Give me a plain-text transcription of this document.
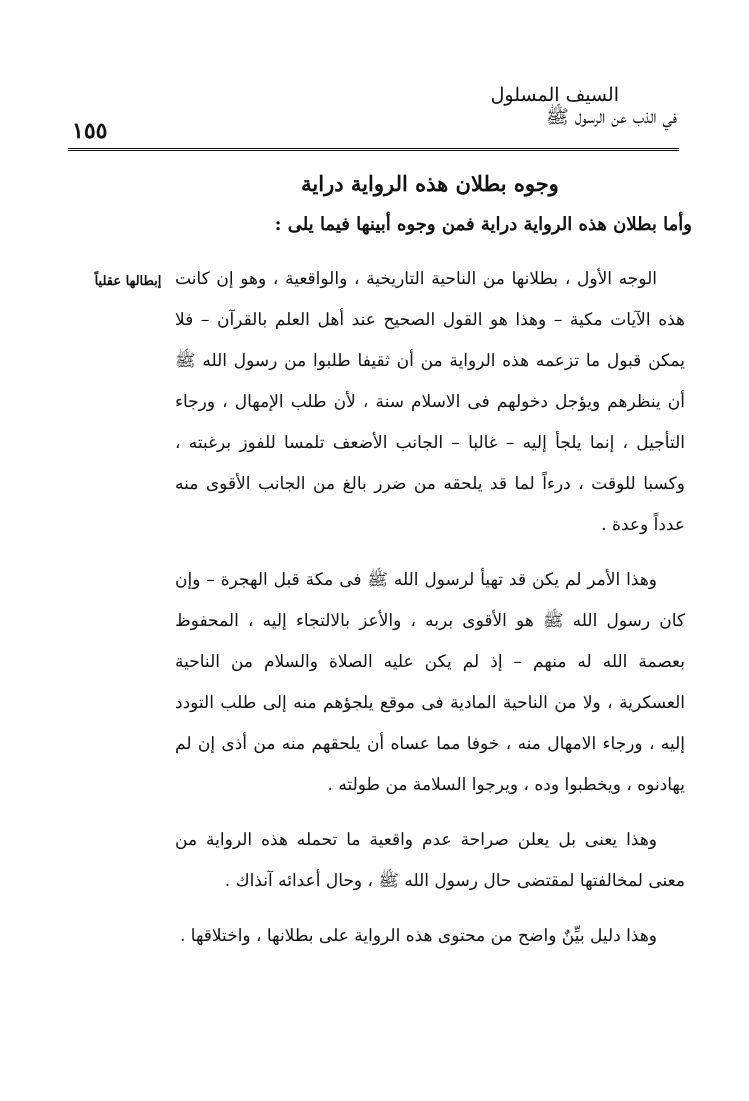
١٥٥
السيف المسلول
في الذب عن الرسول ﷺ
إبطالها عقلياً
وجوه بطلان هذه الرواية دراية
وأما بطلان هذه الرواية دراية فمن وجوه أبينها فيما يلى :

الوجه الأول ، بطلانها من الناحية التاريخية ، والواقعية ، وهو إن كانت هذه الآيات مكية – وهذا هو القول الصحيح عند أهل العلم بالقرآن – فلا يمكن قبول ما تزعمه هذه الرواية من أن ثقيفا طلبوا من رسول الله ﷺ أن ينظرهم ويؤجل دخولهم فى الاسلام سنة ، لأن طلب الإمهال ، ورجاء التأجيل ، إنما يلجأ إليه – غالبا – الجانب الأضعف تلمسا للفوز برغبته ، وكسبا للوقت ، درءاً لما قد يلحقه من ضرر بالغ من الجانب الأقوى منه عدداً وعدة .

وهذا الأمر لم يكن قد تهيأ لرسول الله ﷺ فى مكة قبل الهجرة – وإن كان رسول الله ﷺ هو الأقوى بربه ، والأعز بالالتجاء إليه ، المحفوظ بعصمة الله له منهم – إذ لم يكن عليه الصلاة والسلام من الناحية العسكرية ، ولا من الناحية المادية فى موقع يلجؤهم منه إلى طلب التودد إليه ، ورجاء الامهال منه ، خوفا مما عساه أن يلحقهم منه من أذى إن لم يهادنوه ، ويخطبوا وده ، ويرجوا السلامة من طولته .

وهذا يعنى بل يعلن صراحة عدم واقعية ما تحمله هذه الرواية من معنى لمخالفتها لمقتضى حال رسول الله ﷺ ، وحال أعدائه آنذاك .

وهذا دليل بيِّنٌ واضح من محتوى هذه الرواية على بطلانها ، واختلاقها .
